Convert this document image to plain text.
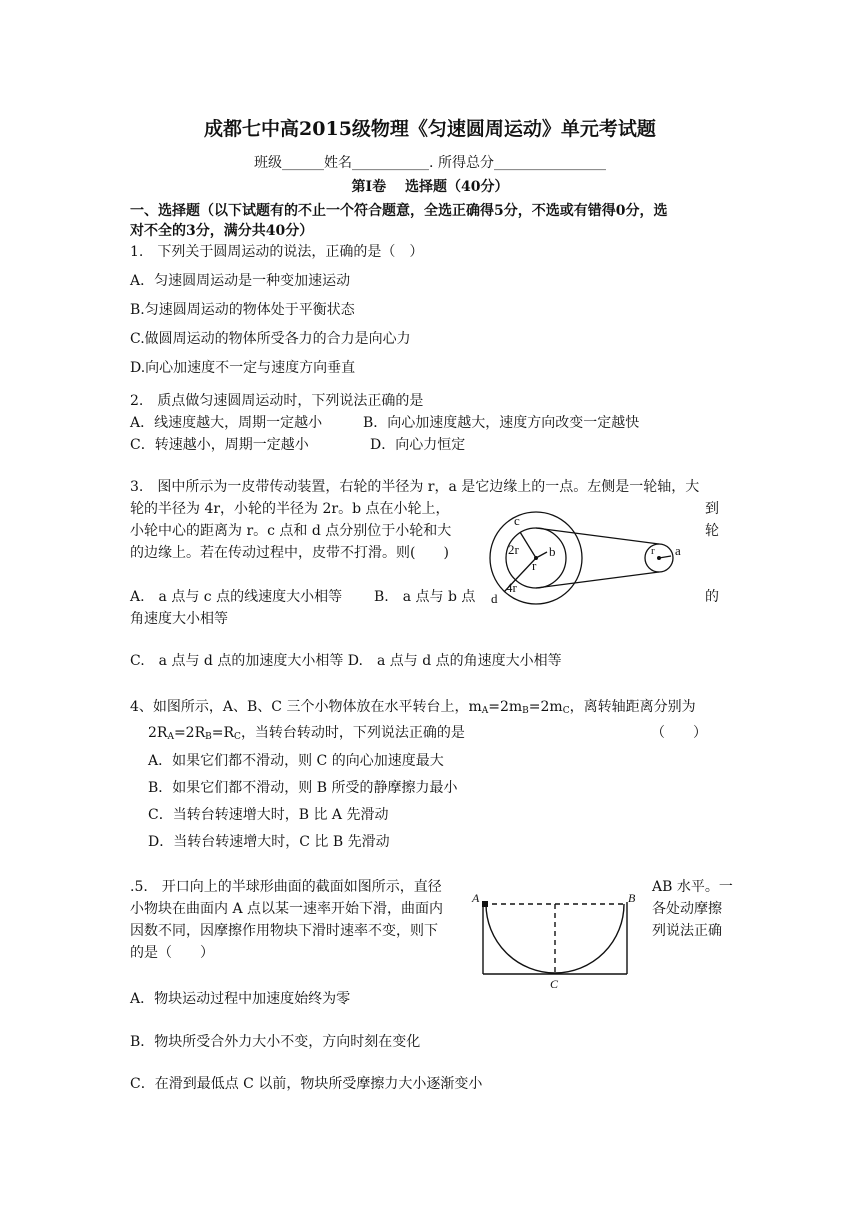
成都七中高2015级物理《匀速圆周运动》单元考试题
班级______姓名___________. 所得总分________________
第Ⅰ卷　 选择题（40分）
一、选择题（以下试题有的不止一个符合题意，全选正确得5分，不选或有错得0分，选
对不全的3分，满分共40分）
1.　下列关于圆周运动的说法，正确的是（　）
A．匀速圆周运动是一种变加速运动
B.匀速圆周运动的物体处于平衡状态
C.做圆周运动的物体所受各力的合力是向心力
D.向心加速度不一定与速度方向垂直
2.　质点做匀速圆周运动时，下列说法正确的是
A．线速度越大，周期一定越小	B．向心加速度越大，速度方向改变一定越快
C．转速越小，周期一定越小	D．向心力恒定
3.　图中所示为一皮带传动装置，右轮的半径为 r，a 是它边缘上的一点。左侧是一轮轴，大
轮的半径为 4r，小轮的半径为 2r。b 点在小轮上，	到
小轮中心的距离为 r。c 点和 d 点分别位于小轮和大	轮
的边缘上。若在传动过程中，皮带不打滑。则(　　)
A.　a 点与 c 点的线速度大小相等 B.　a 点与 b 点	的
角速度大小相等
C.　a 点与 d 点的加速度大小相等 D.　a 点与 d 点的角速度大小相等
c
2r b
r
d
4r
r a
4、如图所示，A、B、C 三个小物体放在水平转台上，$m_A=2m_B=2m_C$，离转轴距离分别为
$2R_A=2R_B=R_C$，当转台转动时，下列说法正确的是	（　　）
A．如果它们都不滑动，则 C 的向心加速度最大
B．如果它们都不滑动，则 B 所受的静摩擦力最小
C．当转台转速增大时，B 比 A 先滑动
D．当转台转速增大时，C 比 B 先滑动
.5.　开口向上的半球形曲面的截面如图所示，直径	AB 水平。一
小物块在曲面内 A 点以某一速率开始下滑，曲面内	各处动摩擦
因数不同，因摩擦作用物块下滑时速率不变，则下	列说法正确
的是（　　）
A．物块运动过程中加速度始终为零
B．物块所受合外力大小不变，方向时刻在变化
C．在滑到最低点 C 以前，物块所受摩擦力大小逐渐变小
A	B
C
